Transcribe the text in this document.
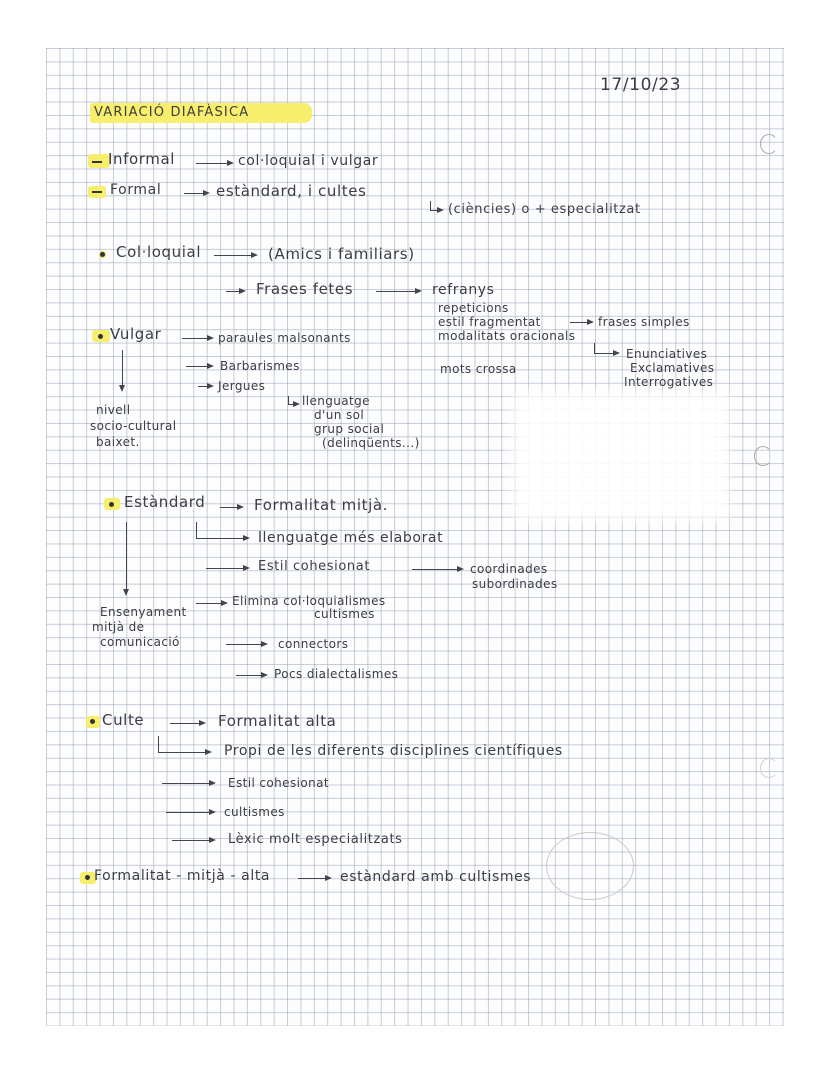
17/10/23
VARIACIÓ DIAFÀSICA
Informal	col·loquial i vulgar
Formal	estàndard, i cultes
(ciències) o + especialitzat
Col·loquial	(Amics i familiars)
Frases fetes	refranys
repeticions
estil fragmentat	frases simples
modalitats oracionals
Enunciatives
Exclamatives
Interrogatives
mots crossa
Vulgar	paraules malsonants
Barbarismes
Jergues
llenguatge
d'un sol
grup social
(delinqüents...)
nivell
socio-cultural
baixet.
Estàndard	Formalitat mitjà.
llenguatge més elaborat
Estil cohesionat	coordinades
subordinades
Elimina col·loquialismes
cultismes
Ensenyament
mitjà de
comunicació	connectors
Pocs dialectalismes
Culte	Formalitat alta
Propi de les diferents disciplines científiques
Estil cohesionat
cultismes
Lèxic molt especialitzats
Formalitat - mitjà - alta	estàndard amb cultismes
